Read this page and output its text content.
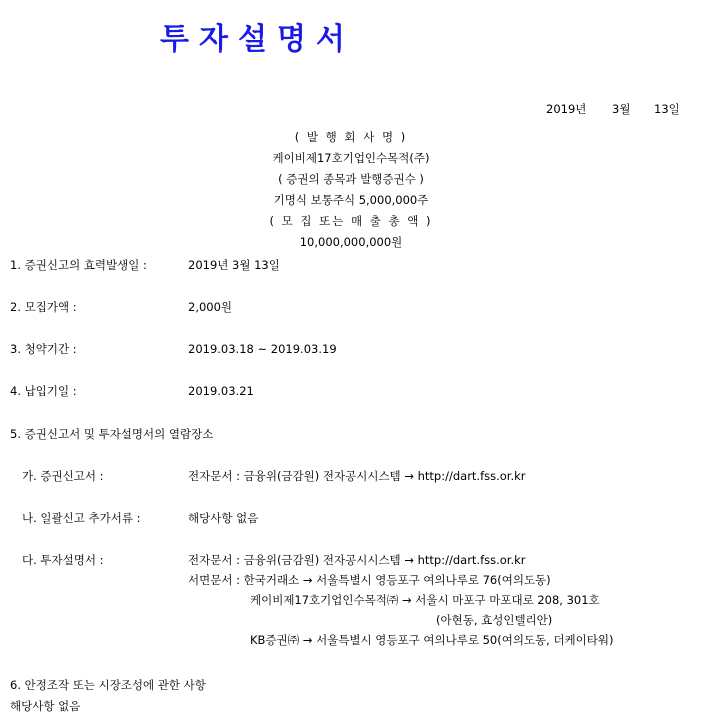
투자설명서
2019년 3월 13일
( 발 행 회 사 명 )
케이비제17호기업인수목적(주)
( 증권의 종목과 발행증권수 )
기명식 보통주식 5,000,000주
( 모 집 또는 매 출 총 액 )
10,000,000,000원
1. 증권신고의 효력발생일 :	2019년 3월 13일
2. 모집가액 :	2,000원
3. 청약기간 :	2019.03.18 ~ 2019.03.19
4. 납입기일 :	2019.03.21
5. 증권신고서 및 투자설명서의 열람장소
가. 증권신고서 :	전자문서 : 금융위(금감원) 전자공시시스템 → http://dart.fss.or.kr
나. 일괄신고 추가서류 :	해당사항 없음
다. 투자설명서 :	전자문서 : 금융위(금감원) 전자공시시스템 → http://dart.fss.or.kr
서면문서 : 한국거래소 → 서울특별시 영등포구 여의나루로 76(여의도동)
케이비제17호기업인수목적㈜ → 서울시 마포구 마포대로 208, 301호
(아현동, 효성인텔리안)
KB증권㈜ → 서울특별시 영등포구 여의나루로 50(여의도동, 더케이타워)
6. 안정조작 또는 시장조성에 관한 사항
해당사항 없음
